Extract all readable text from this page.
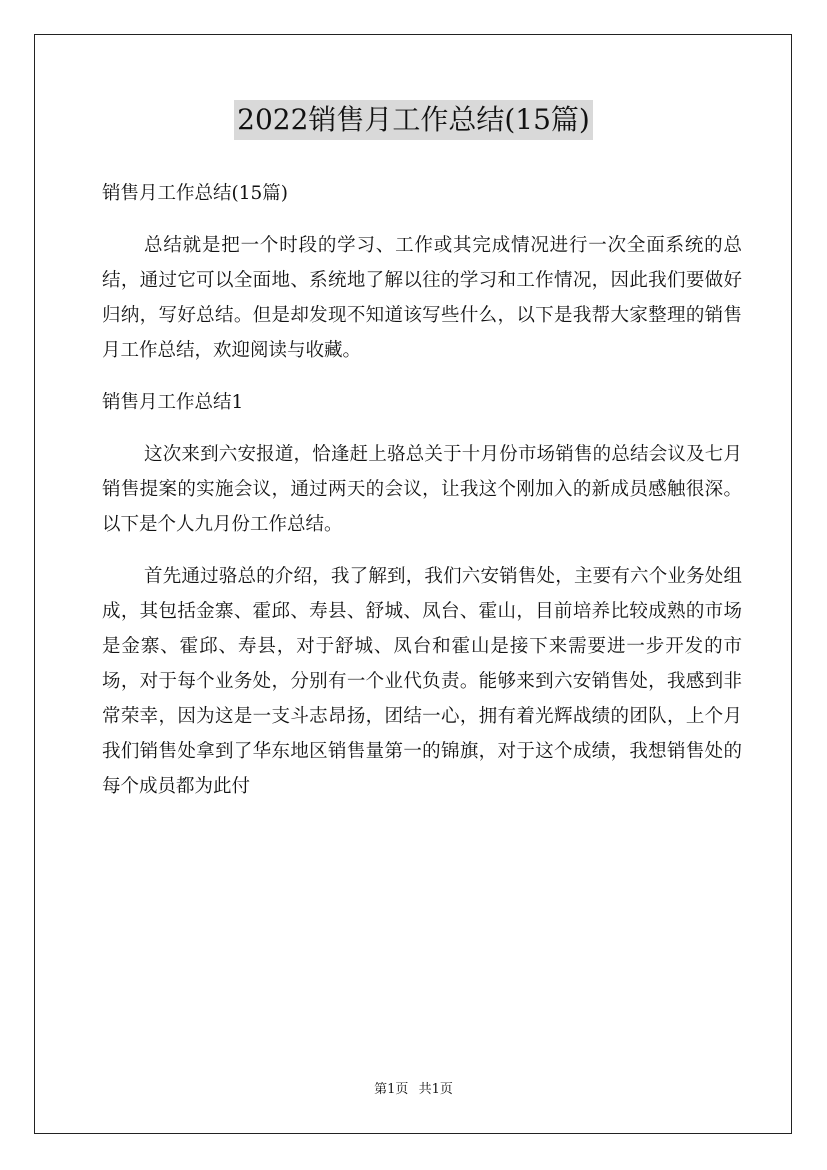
2022销售月工作总结(15篇)

销售月工作总结(15篇)

总结就是把一个时段的学习、工作或其完成情况进行一次全面系统的总结，通过它可以全面地、系统地了解以往的学习和工作情况，因此我们要做好归纳，写好总结。但是却发现不知道该写些什么，以下是我帮大家整理的销售月工作总结，欢迎阅读与收藏。

销售月工作总结1

这次来到六安报道，恰逢赶上骆总关于十月份市场销售的总结会议及七月销售提案的实施会议，通过两天的会议，让我这个刚加入的新成员感触很深。以下是个人九月份工作总结。

首先通过骆总的介绍，我了解到，我们六安销售处，主要有六个业务处组成，其包括金寨、霍邱、寿县、舒城、凤台、霍山，目前培养比较成熟的市场是金寨、霍邱、寿县，对于舒城、凤台和霍山是接下来需要进一步开发的市场，对于每个业务处，分别有一个业代负责。能够来到六安销售处，我感到非常荣幸，因为这是一支斗志昂扬，团结一心，拥有着光辉战绩的团队，上个月我们销售处拿到了华东地区销售量第一的锦旗，对于这个成绩，我想销售处的每个成员都为此付

第1页 共1页
